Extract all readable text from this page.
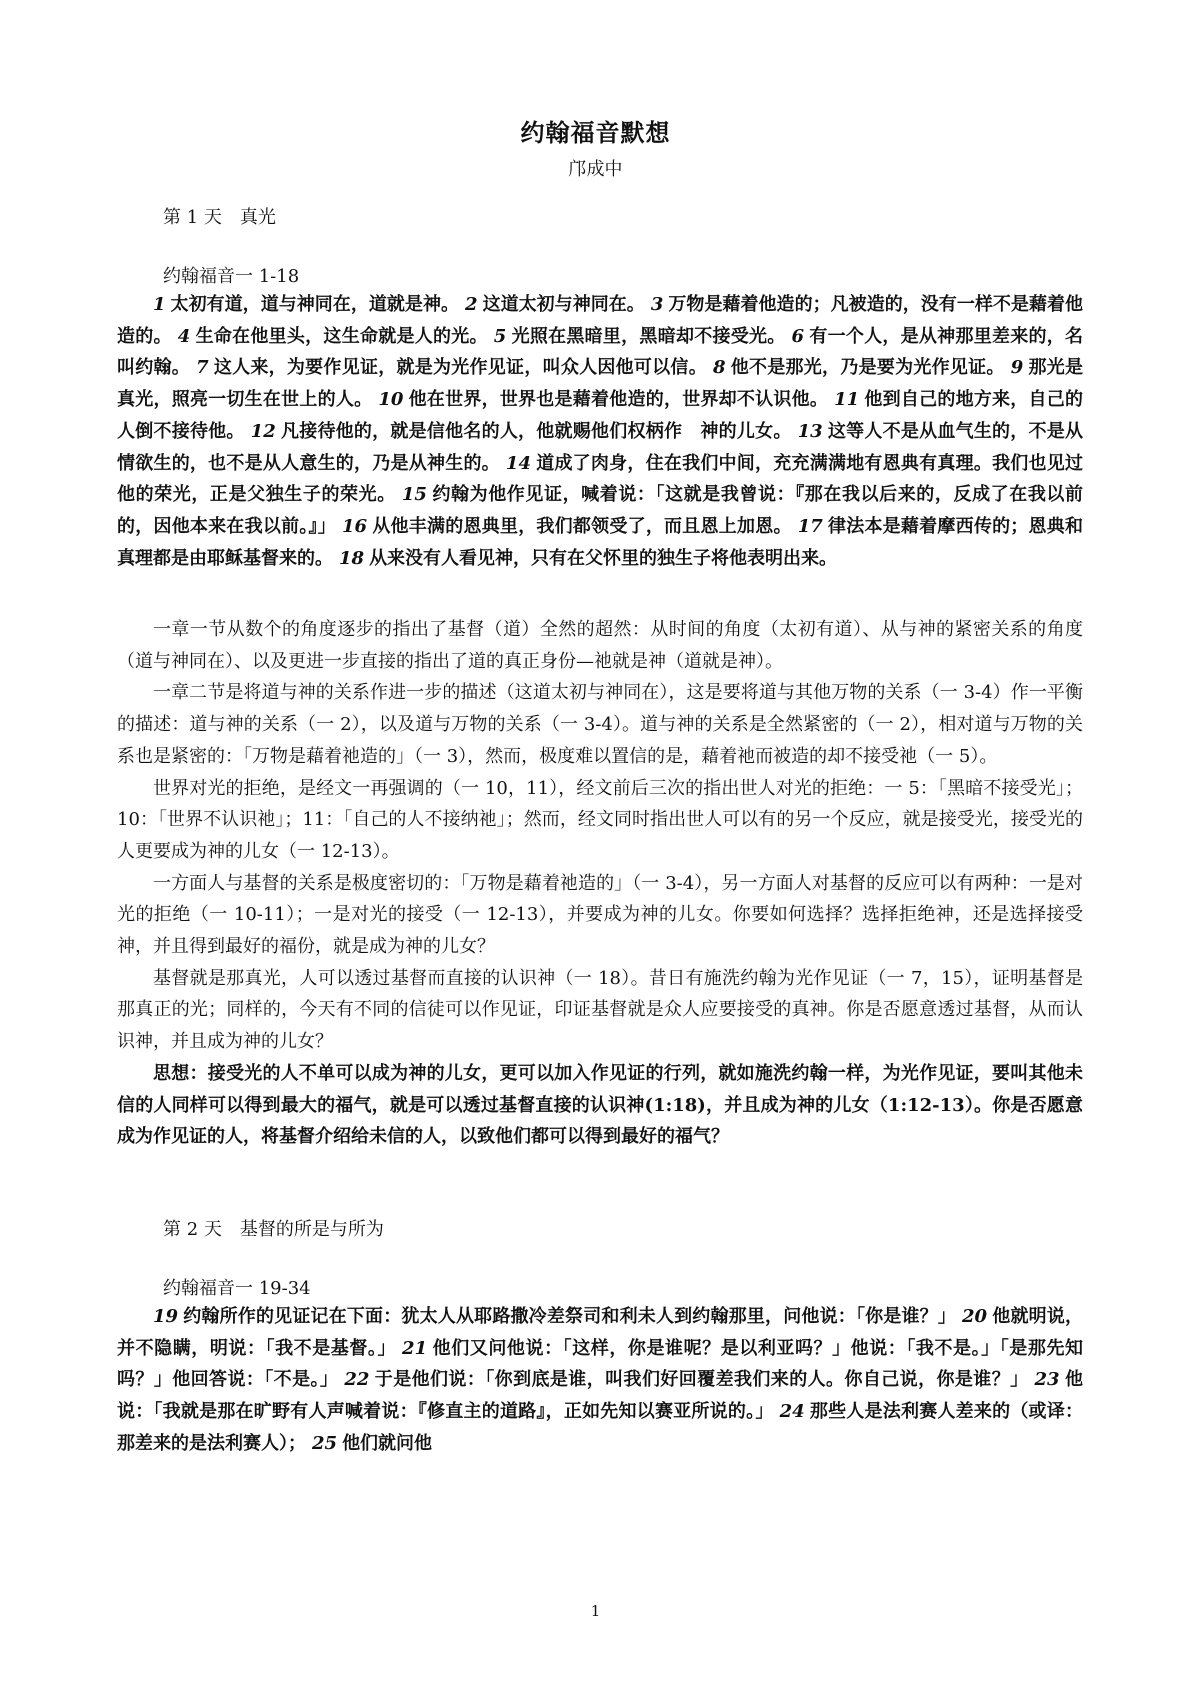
约翰福音默想
邝成中
第 1 天　真光
约翰福音一 1-18

1 太初有道，道与神同在，道就是神。 2 这道太初与神同在。 3 万物是藉着他造的；凡被造的，没有一样不是藉着他造的。 4 生命在他里头，这生命就是人的光。 5 光照在黑暗里，黑暗却不接受光。 6 有一个人，是从神那里差来的，名叫约翰。 7 这人来，为要作见证，就是为光作见证，叫众人因他可以信。 8 他不是那光，乃是要为光作见证。 9 那光是真光，照亮一切生在世上的人。 10 他在世界，世界也是藉着他造的，世界却不认识他。 11 他到自己的地方来，自己的人倒不接待他。 12 凡接待他的，就是信他名的人，他就赐他们权柄作　神的儿女。 13 这等人不是从血气生的，不是从情欲生的，也不是从人意生的，乃是从神生的。 14 道成了肉身，住在我们中间，充充满满地有恩典有真理。我们也见过他的荣光，正是父独生子的荣光。 15 约翰为他作见证，喊着说：「这就是我曾说：『那在我以后来的，反成了在我以前的，因他本来在我以前。』」 16 从他丰满的恩典里，我们都领受了，而且恩上加恩。 17 律法本是藉着摩西传的；恩典和真理都是由耶稣基督来的。 18 从来没有人看见神，只有在父怀里的独生子将他表明出来。

一章一节从数个的角度逐步的指出了基督（道）全然的超然：从时间的角度（太初有道）、从与神的紧密关系的角度（道与神同在）、以及更进一步直接的指出了道的真正身份—祂就是神（道就是神）。

一章二节是将道与神的关系作进一步的描述（这道太初与神同在），这是要将道与其他万物的关系（一 3-4）作一平衡的描述：道与神的关系（一 2），以及道与万物的关系（一 3-4）。道与神的关系是全然紧密的（一 2），相对道与万物的关系也是紧密的：「万物是藉着祂造的」（一 3），然而，极度难以置信的是，藉着祂而被造的却不接受祂（一 5）。

世界对光的拒绝，是经文一再强调的（一 10，11），经文前后三次的指出世人对光的拒绝：一 5：「黑暗不接受光」；10：「世界不认识祂」；11：「自己的人不接纳祂」；然而，经文同时指出世人可以有的另一个反应，就是接受光，接受光的人更要成为神的儿女（一 12-13）。

一方面人与基督的关系是极度密切的：「万物是藉着祂造的」（一 3-4），另一方面人对基督的反应可以有两种：一是对光的拒绝（一 10-11）；一是对光的接受（一 12-13），并要成为神的儿女。你要如何选择？选择拒绝神，还是选择接受神，并且得到最好的福份，就是成为神的儿女？

基督就是那真光，人可以透过基督而直接的认识神（一 18）。昔日有施洗约翰为光作见证（一 7，15），证明基督是那真正的光；同样的，今天有不同的信徒可以作见证，印证基督就是众人应要接受的真神。你是否愿意透过基督，从而认识神，并且成为神的儿女？

思想：接受光的人不单可以成为神的儿女，更可以加入作见证的行列，就如施洗约翰一样，为光作见证，要叫其他未信的人同样可以得到最大的福气，就是可以透过基督直接的认识神(1:18)，并且成为神的儿女（1:12-13）。你是否愿意成为作见证的人，将基督介绍给未信的人，以致他们都可以得到最好的福气？

第 2 天　基督的所是与所为
约翰福音一 19-34

19 约翰所作的见证记在下面：犹太人从耶路撒冷差祭司和利未人到约翰那里，问他说：「你是谁？」 20 他就明说，并不隐瞒，明说：「我不是基督。」 21 他们又问他说：「这样，你是谁呢？是以利亚吗？」他说：「我不是。」「是那先知吗？」他回答说：「不是。」 22 于是他们说：「你到底是谁，叫我们好回覆差我们来的人。你自己说，你是谁？」 23 他说：「我就是那在旷野有人声喊着说：『修直主的道路』，正如先知以赛亚所说的。」 24 那些人是法利赛人差来的（或译：那差来的是法利赛人）； 25 他们就问他

1
